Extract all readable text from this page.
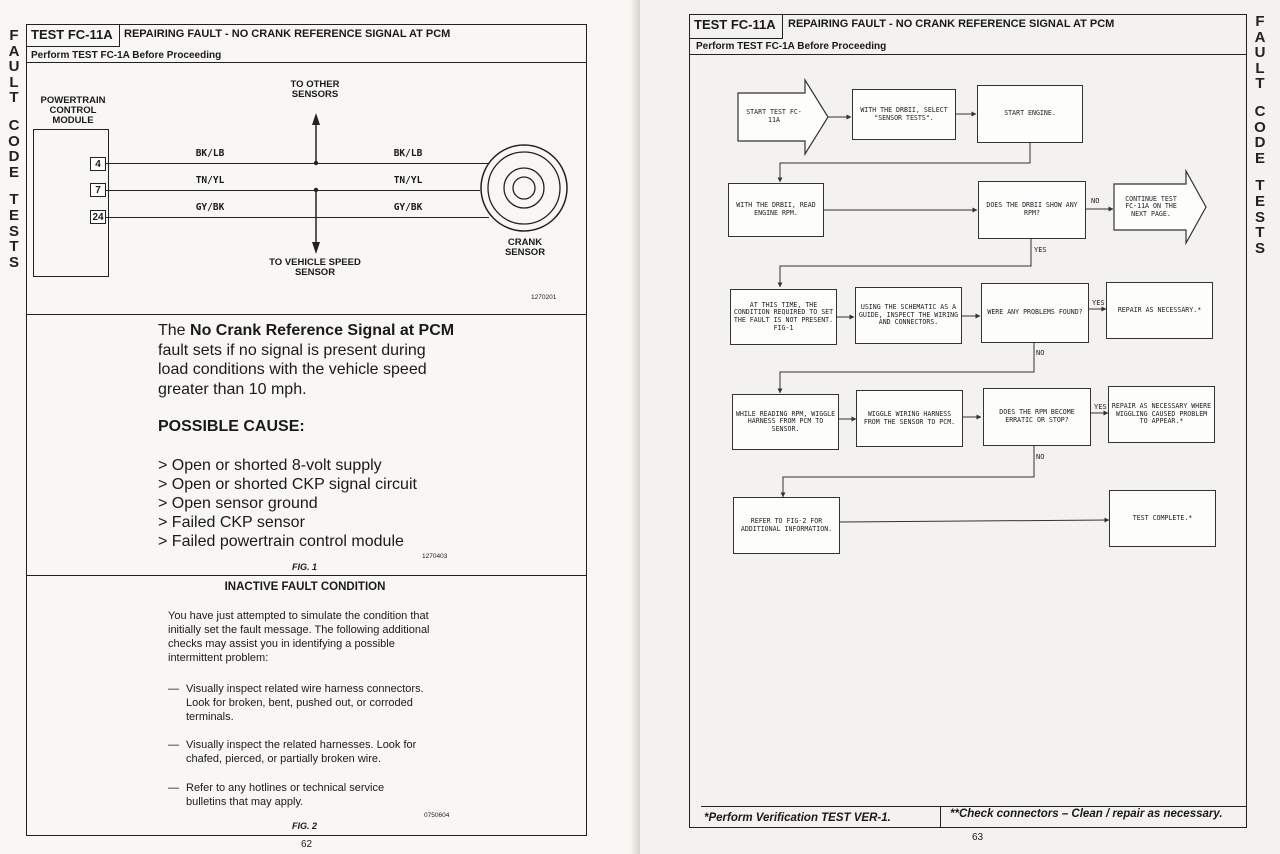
F
A
U
L
T
C
O
D
E
T
E
S
T
S
TEST FC-11A	REPAIRING FAULT - NO CRANK REFERENCE SIGNAL AT PCM
Perform TEST FC-1A Before Proceeding
POWERTRAIN CONTROL MODULE
4
7
24
BK/LB
TN/YL
GY/BK
BK/LB
TN/YL
GY/BK
TO OTHER SENSORS
TO VEHICLE SPEED SENSOR
CRANK SENSOR
1270201
The No Crank Reference Signal at PCM fault sets if no signal is present during load conditions with the vehicle speed greater than 10 mph.
POSSIBLE CAUSE:
> Open or shorted 8-volt supply
> Open or shorted CKP signal circuit
> Open sensor ground
> Failed CKP sensor
> Failed powertrain control module
1270403
FIG. 1
INACTIVE FAULT CONDITION
You have just attempted to simulate the condition that initially set the fault message. The following additional checks may assist you in identifying a possible intermittent problem:
— Visually inspect related wire harness connectors. Look for broken, bent, pushed out, or corroded terminals.
— Visually inspect the related harnesses. Look for chafed, pierced, or partially broken wire.
— Refer to any hotlines or technical service bulletins that may apply.
0750604
FIG. 2
62
F
A
U
L
T
C
O
D
E
T
E
S
T
S
TEST FC-11A	REPAIRING FAULT - NO CRANK REFERENCE SIGNAL AT PCM
Perform TEST FC-1A Before Proceeding
START TEST FC-11A
WITH THE DRBII, SELECT "SENSOR TESTS".
START ENGINE.
WITH THE DRBII, READ ENGINE RPM.
DOES THE DRBII SHOW ANY RPM?
CONTINUE TEST FC-11A ON THE NEXT PAGE.
AT THIS TIME, THE CONDITION REQUIRED TO SET THE FAULT IS NOT PRESENT. FIG-1
USING THE SCHEMATIC AS A GUIDE, INSPECT THE WIRING AND CONNECTORS.
WERE ANY PROBLEMS FOUND?	REPAIR AS NECESSARY.*
WHILE READING RPM, WIGGLE HARNESS FROM PCM TO SENSOR.
WIGGLE WIRING HARNESS FROM THE SENSOR TO PCM.
DOES THE RPM BECOME ERRATIC OR STOP?
REPAIR AS NECESSARY WHERE WIGGLING CAUSED PROBLEM TO APPEAR.*
REFER TO FIG-2 FOR ADDITIONAL INFORMATION.
TEST COMPLETE.*
NO
YES
YES
NO
YES
NO
*Perform Verification TEST VER-1.	**Check connectors – Clean / repair as necessary.
63
